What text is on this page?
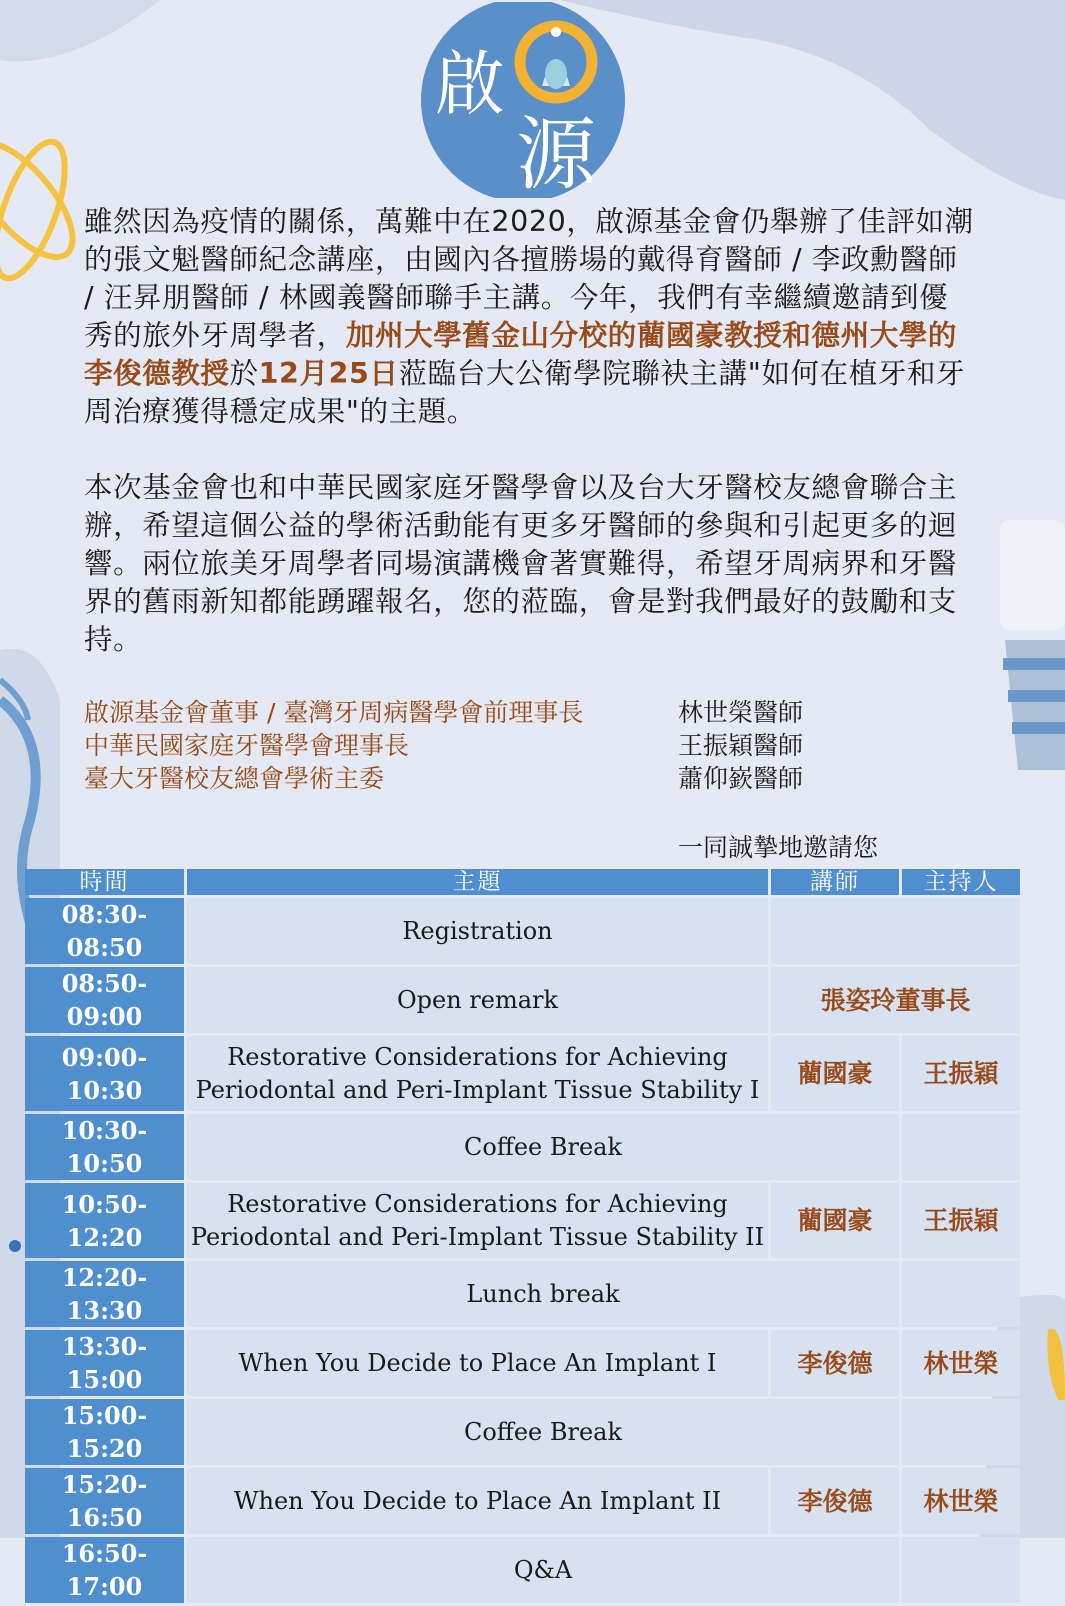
啟
源

雖然因為疫情的關係，萬難中在2020，啟源基金會仍舉辦了佳評如潮的張文魁醫師紀念講座，由國內各擅勝場的戴得育醫師 / 李政勳醫師 / 汪昇朋醫師 / 林國義醫師聯手主講。今年，我們有幸繼續邀請到優秀的旅外牙周學者，加州大學舊金山分校的藺國豪教授和德州大學的李俊德教授於12月25日蒞臨台大公衛學院聯袂主講"如何在植牙和牙周治療獲得穩定成果"的主題。

本次基金會也和中華民國家庭牙醫學會以及台大牙醫校友總會聯合主辦，希望這個公益的學術活動能有更多牙醫師的參與和引起更多的迴響。兩位旅美牙周學者同場演講機會著實難得，希望牙周病界和牙醫界的舊雨新知都能踴躍報名，您的蒞臨，會是對我們最好的鼓勵和支持。

啟源基金會董事 / 臺灣牙周病醫學會前理事長	林世榮醫師
中華民國家庭牙醫學會理事長	王振穎醫師
臺大牙醫校友總會學術主委	蕭仰嶔醫師
一同誠摯地邀請您
時間	主題	講師	主持人
08:30-08:50	Registration		
08:50-09:00	Open remark	張姿玲董事長	
09:00-10:30	Restorative Considerations for Achieving
Periodontal and Peri-Implant Tissue Stability I	藺國豪	王振穎
10:30-10:50	Coffee Break		
10:50-12:20	Restorative Considerations for Achieving
Periodontal and Peri-Implant Tissue Stability II	藺國豪	王振穎
12:20-13:30	Lunch break		
13:30-15:00	When You Decide to Place An Implant I	李俊德	林世榮
15:00-15:20	Coffee Break		
15:20-16:50	When You Decide to Place An Implant II	李俊德	林世榮
16:50-17:00	Q&A		
